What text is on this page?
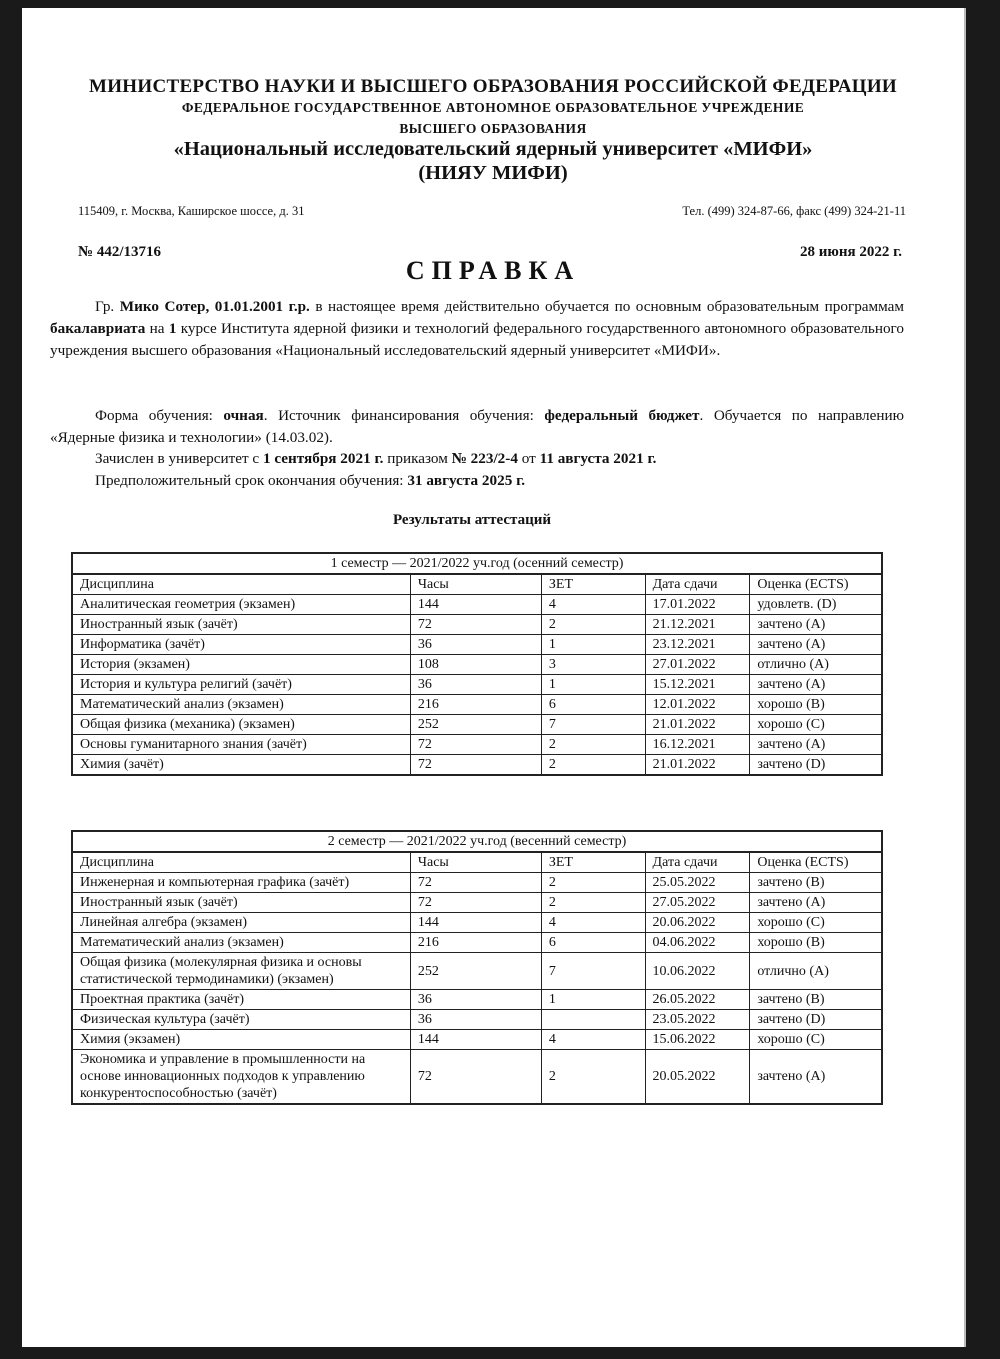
МИНИСТЕРСТВО НАУКИ И ВЫСШЕГО ОБРАЗОВАНИЯ РОССИЙСКОЙ ФЕДЕРАЦИИ
ФЕДЕРАЛЬНОЕ ГОСУДАРСТВЕННОЕ АВТОНОМНОЕ ОБРАЗОВАТЕЛЬНОЕ УЧРЕЖДЕНИЕ
ВЫСШЕГО ОБРАЗОВАНИЯ
«Национальный исследовательский ядерный университет «МИФИ»
(НИЯУ МИФИ)
115409, г. Москва, Каширское шоссе, д. 31	Тел. (499) 324-87-66, факс (499) 324-21-11
№ 442/13716	28 июня 2022 г.
СПРАВКА
Гр. Мико Сотер, 01.01.2001 г.р. в настоящее время действительно обучается по основным образовательным программам бакалавриата на 1 курсе Института ядерной физики и технологий федерального государственного автономного образовательного учреждения высшего образования «Национальный исследовательский ядерный университет «МИФИ».
Форма обучения: очная. Источник финансирования обучения: федеральный бюджет. Обучается по направлению «Ядерные физика и технологии» (14.03.02).
Зачислен в университет с 1 сентября 2021 г. приказом № 223/2-4 от 11 августа 2021 г.
Предположительный срок окончания обучения: 31 августа 2025 г.
Результаты аттестаций
1 семестр — 2021/2022 уч.год (осенний семестр)				
Дисциплина	Часы	ЗЕТ	Дата сдачи	Оценка (ECTS)
Аналитическая геометрия (экзамен)	144	4	17.01.2022	удовлетв. (D)
Иностранный язык (зачёт)	72	2	21.12.2021	зачтено (A)
Информатика (зачёт)	36	1	23.12.2021	зачтено (A)
История (экзамен)	108	3	27.01.2022	отлично (A)
История и культура религий (зачёт)	36	1	15.12.2021	зачтено (A)
Математический анализ (экзамен)	216	6	12.01.2022	хорошо (B)
Общая физика (механика) (экзамен)	252	7	21.01.2022	хорошо (C)
Основы гуманитарного знания (зачёт)	72	2	16.12.2021	зачтено (A)
Химия (зачёт)	72	2	21.01.2022	зачтено (D)
2 семестр — 2021/2022 уч.год (весенний семестр)				
Дисциплина	Часы	ЗЕТ	Дата сдачи	Оценка (ECTS)
Инженерная и компьютерная графика (зачёт)	72	2	25.05.2022	зачтено (B)
Иностранный язык (зачёт)	72	2	27.05.2022	зачтено (A)
Линейная алгебра (экзамен)	144	4	20.06.2022	хорошо (C)
Математический анализ (экзамен)	216	6	04.06.2022	хорошо (B)
Общая физика (молекулярная физика и основы статистической термодинамики) (экзамен)	252	7	10.06.2022	отлично (A)
Проектная практика (зачёт)	36	1	26.05.2022	зачтено (B)
Физическая культура (зачёт)	36		23.05.2022	зачтено (D)
Химия (экзамен)	144	4	15.06.2022	хорошо (C)
Экономика и управление в промышленности на основе инновационных подходов к управлению конкурентоспособностью (зачёт)	72	2	20.05.2022	зачтено (A)
